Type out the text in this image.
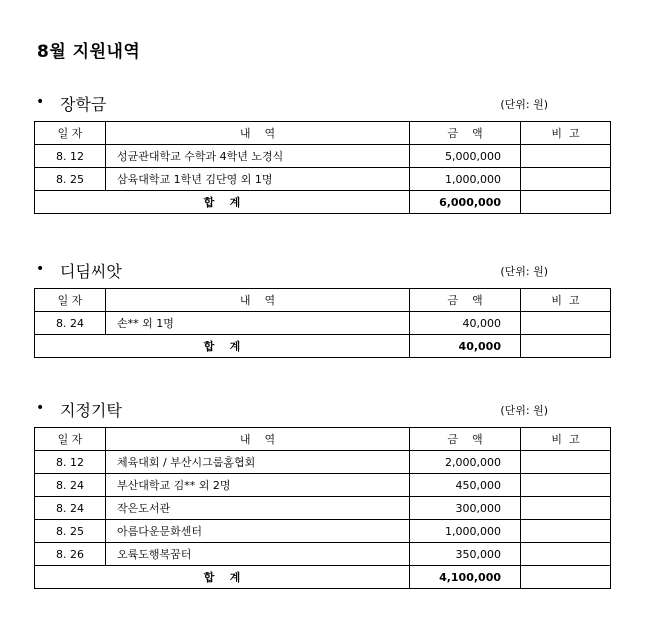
8월 지원내역
• 장학금	(단위: 원)
일 자	내    역	금    액	비  고
8. 12	성균관대학교 수학과 4학년 노경식	5,000,000	
8. 25	삼육대학교 1학년 김단영 외 1명	1,000,000	
합    계		6,000,000	
• 디딤씨앗	(단위: 원)
일 자	내    역	금    액	비  고
8. 24	손** 외 1명	40,000	
합    계		40,000	
• 지정기탁	(단위: 원)
일 자	내    역	금    액	비  고
8. 12	체육대회 / 부산시그룹홈협회	2,000,000	
8. 24	부산대학교 김** 외 2명	450,000	
8. 24	작은도서관	300,000	
8. 25	아름다운문화센터	1,000,000	
8. 26	오륙도행복꿈터	350,000	
합    계		4,100,000	
